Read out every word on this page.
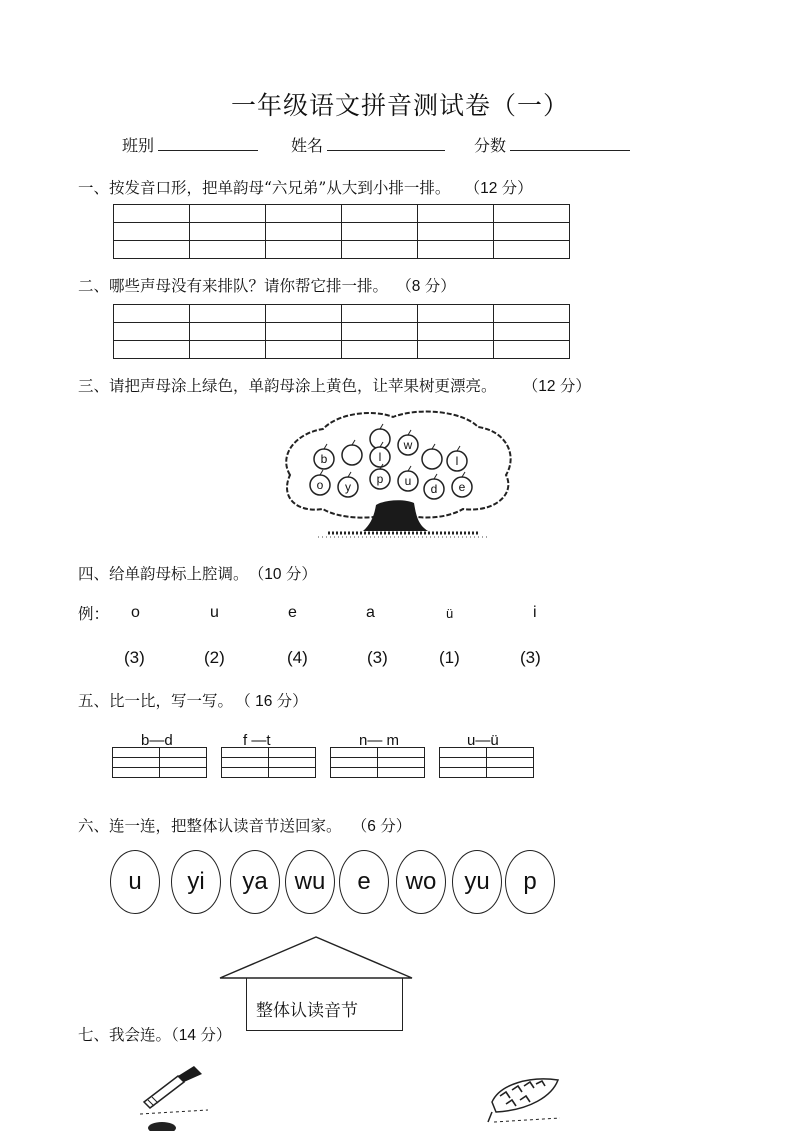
一年级语文拼音测试卷（一）
班别	姓名	分数
一、按发音口形，把单韵母“六兄弟”从大到小排一排。 （12 分）

二、哪些声母没有来排队？请你帮它排一排。 （8 分）

三、请把声母涂上绿色，单韵母涂上黄色，让苹果树更漂亮。 （12 分）
b
w
l	l
o y
p u
d e
四、给单韵母标上腔调。 （10 分）
例： o	u	e	a	ü	i
(3)	(2)	(4)	(3)	(1)	(3)
五、比一比，写一写。 （ 16 分）
b—d	f —t	n— m	u—ü

六、连一连，把整体认读音节送回家。 （6 分）
u	yi	ya	wu	e	wo	yu	p
整体认读音节
七、我会连。（14 分）
